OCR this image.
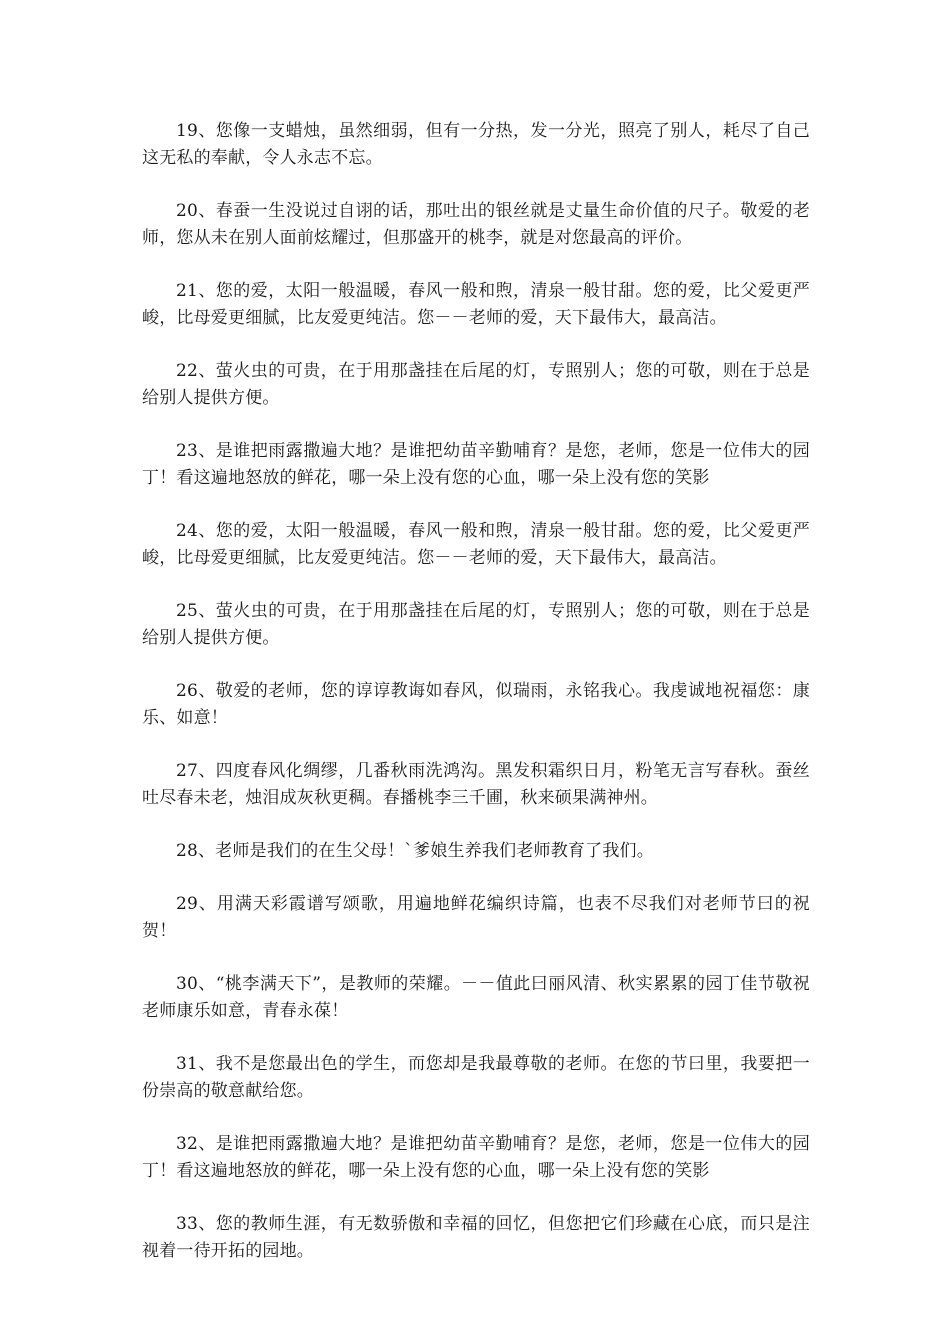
19、您像一支蜡烛，虽然细弱，但有一分热，发一分光，照亮了别人，耗尽了自己这无私的奉献，令人永志不忘。

20、春蚕一生没说过自诩的话，那吐出的银丝就是丈量生命价值的尺子。敬爱的老师，您从未在别人面前炫耀过，但那盛开的桃李，就是对您最高的评价。

21、您的爱，太阳一般温暖，春风一般和煦，清泉一般甘甜。您的爱，比父爱更严峻，比母爱更细腻，比友爱更纯洁。您－－老师的爱，天下最伟大，最高洁。

22、萤火虫的可贵，在于用那盏挂在后尾的灯，专照别人；您的可敬，则在于总是给别人提供方便。

23、是谁把雨露撒遍大地？是谁把幼苗辛勤哺育？是您，老师，您是一位伟大的园丁！看这遍地怒放的鲜花，哪一朵上没有您的心血，哪一朵上没有您的笑影

24、您的爱，太阳一般温暖，春风一般和煦，清泉一般甘甜。您的爱，比父爱更严峻，比母爱更细腻，比友爱更纯洁。您－－老师的爱，天下最伟大，最高洁。

25、萤火虫的可贵，在于用那盏挂在后尾的灯，专照别人；您的可敬，则在于总是给别人提供方便。

26、敬爱的老师，您的谆谆教诲如春风，似瑞雨，永铭我心。我虔诚地祝福您：康乐、如意！

27、四度春风化绸缪，几番秋雨洗鸿沟。黑发积霜织日月，粉笔无言写春秋。蚕丝吐尽春未老，烛泪成灰秋更稠。春播桃李三千圃，秋来硕果满神州。

28、老师是我们的在生父母！`爹娘生养我们老师教育了我们。

29、用满天彩霞谱写颂歌，用遍地鲜花编织诗篇，也表不尽我们对老师节曰的祝贺！

30、“桃李满天下”，是教师的荣耀。－－值此曰丽风清、秋实累累的园丁佳节敬祝老师康乐如意，青春永葆！

31、我不是您最出色的学生，而您却是我最尊敬的老师。在您的节曰里，我要把一份崇高的敬意献给您。

32、是谁把雨露撒遍大地？是谁把幼苗辛勤哺育？是您，老师，您是一位伟大的园丁！看这遍地怒放的鲜花，哪一朵上没有您的心血，哪一朵上没有您的笑影

33、您的教师生涯，有无数骄傲和幸福的回忆，但您把它们珍藏在心底，而只是注视着一待开拓的园地。
